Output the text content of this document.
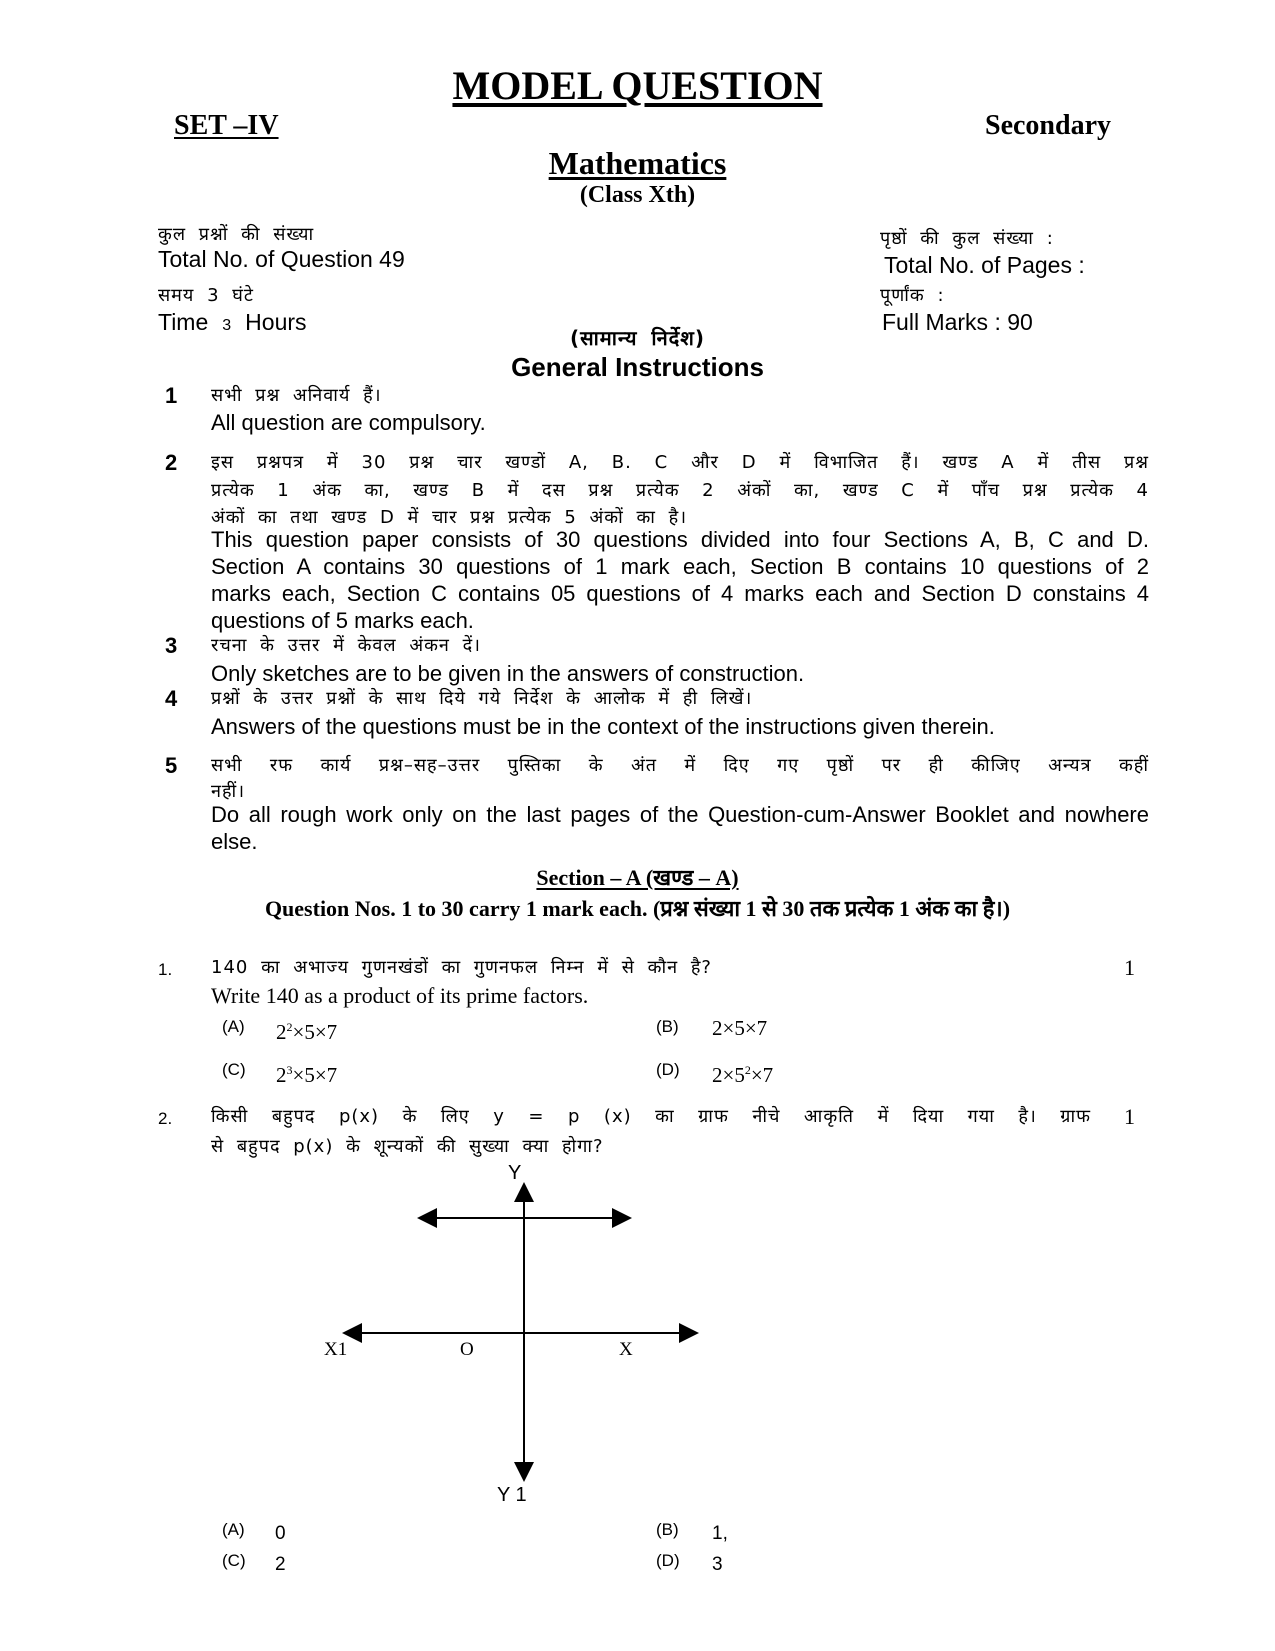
MODEL QUESTION
SET –IV	Secondary
Mathematics
(Class Xth)
कुल प्रश्नों की संख्या
Total No. of Question 49
समय 3 घंटे
Time 3 Hours
पृष्ठों की कुल संख्या :
Total No. of Pages :
पूर्णांक :
Full Marks : 90
(सामान्य निर्देश)
General Instructions
1 सभी प्रश्न अनिवार्य हैं।
All question are compulsory.
2 इस प्रश्नपत्र में 30 प्रश्न चार खण्डों A, B. C और D में विभाजित हैं। खण्ड A में तीस प्रश्न
प्रत्येक 1 अंक का, खण्ड B में दस प्रश्न प्रत्येक 2 अंकों का, खण्ड C में पाँच प्रश्न प्रत्येक 4
अंकों का तथा खण्ड D में चार प्रश्न प्रत्येक 5 अंकों का है।
This question paper consists of 30 questions divided into four Sections A, B, C and D.
Section A contains 30 questions of 1 mark each, Section B contains 10 questions of 2
marks each, Section C contains 05 questions of 4 marks each and Section D constains 4
questions of 5 marks each.
3 रचना के उत्तर में केवल अंकन दें।
Only sketches are to be given in the answers of construction.
4 प्रश्नों के उत्तर प्रश्नों के साथ दिये गये निर्देश के आलोक में ही लिखें।
Answers of the questions must be in the context of the instructions given therein.
5 सभी रफ कार्य प्रश्न–सह–उत्तर पुस्तिका के अंत में दिए गए पृष्ठों पर ही कीजिए अन्यत्र कहीं
नहीं।
Do all rough work only on the last pages of the Question-cum-Answer Booklet and nowhere
else.
Section – A (खण्ड – A)
Question Nos. 1 to 30 carry 1 mark each. (प्रश्न संख्या 1 से 30 तक प्रत्येक 1 अंक का है।)
1. 140 का अभाज्य गुणनखंडों का गुणनफल निम्न में से कौन है?	1
Write 140 as a product of its prime factors.
(A) $2^2\times 5\times 7$	(B) 2×5×7
(C) $2^3\times 5\times 7$	(D) $2\times 5^2\times 7$
2. किसी बहुपद p(x) के लिए y = p (x) का ग्राफ नीचे आकृति में दिया गया है। ग्राफ 1
से बहुपद p(x) के शून्यकों की सुख्या क्या होगा?
Y
Y 1
X1	O	X
(A) 0	(B) 1,
(C) 2	(D) 3
